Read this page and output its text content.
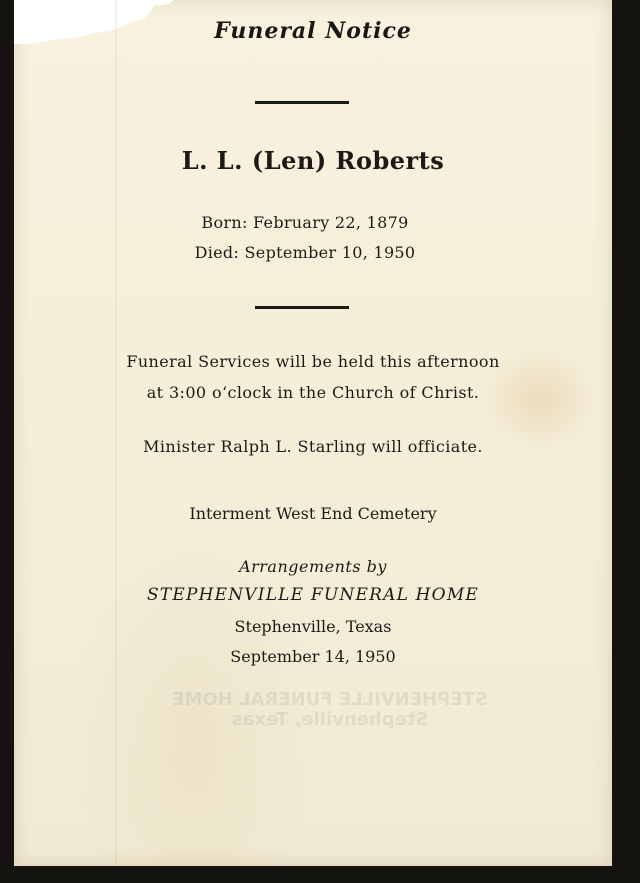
Funeral Notice
L. L. (Len) Roberts
Born: February 22, 1879
Died: September 10, 1950
Funeral Services will be held this afternoon
at 3:00 o‘clock in the Church of Christ.
Minister Ralph L. Starling will officiate.
Interment West End Cemetery
Arrangements by
STEPHENVILLE FUNERAL HOME
Stephenville, Texas
September 14, 1950
STEPHENVILLE FUNERAL HOME
Stephenville, Texas
